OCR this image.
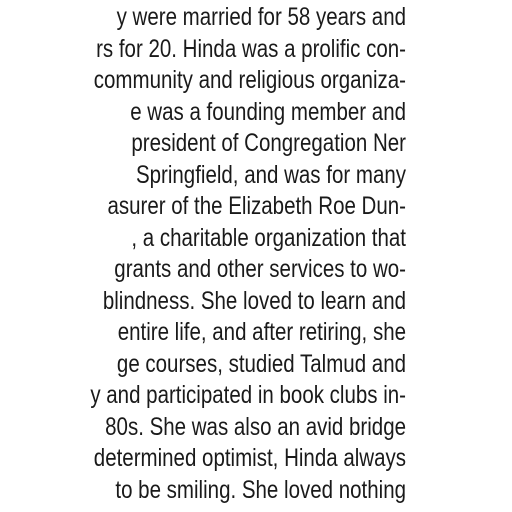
y were married for 58 years and
rs for 20. Hinda was a prolific con-
community and religious organiza-
e was a founding member and
president of Congregation Ner
Springfield, and was for many
asurer of the Elizabeth Roe Dun-
, a charitable organization that
grants and other services to wo-
blindness. She loved to learn and
entire life, and after retiring, she
ge courses, studied Talmud and
y and participated in book clubs in-
80s. She was also an avid bridge
determined optimist, Hinda always
to be smiling. She loved nothing
